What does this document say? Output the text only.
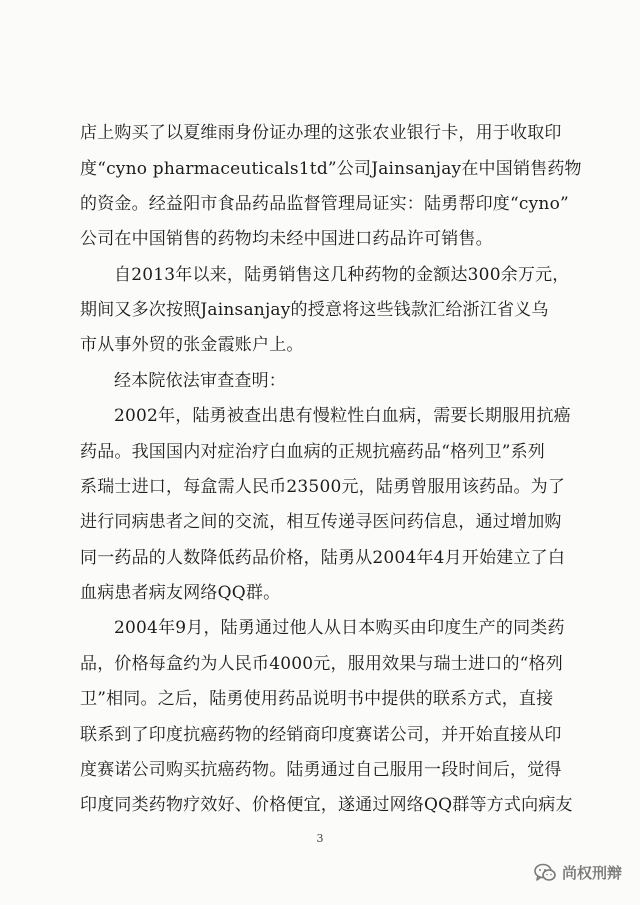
店上购买了以夏维雨身份证办理的这张农业银行卡，用于收取印
度“cyno pharmaceuticals1td”公司Jainsanjay在中国销售药物
的资金。经益阳市食品药品监督管理局证实：陆勇帮印度“cyno”
公司在中国销售的药物均未经中国进口药品许可销售。
自2013年以来，陆勇销售这几种药物的金额达300余万元，
期间又多次按照Jainsanjay的授意将这些钱款汇给浙江省义乌
市从事外贸的张金霞账户上。
经本院依法审查查明：
2002年，陆勇被查出患有慢粒性白血病，需要长期服用抗癌
药品。我国国内对症治疗白血病的正规抗癌药品“格列卫”系列
系瑞士进口，每盒需人民币23500元，陆勇曾服用该药品。为了
进行同病患者之间的交流，相互传递寻医问药信息，通过增加购
同一药品的人数降低药品价格，陆勇从2004年4月开始建立了白
血病患者病友网络QQ群。
2004年9月，陆勇通过他人从日本购买由印度生产的同类药
品，价格每盒约为人民币4000元，服用效果与瑞士进口的“格列
卫”相同。之后，陆勇使用药品说明书中提供的联系方式，直接
联系到了印度抗癌药物的经销商印度赛诺公司，并开始直接从印
度赛诺公司购买抗癌药物。陆勇通过自己服用一段时间后，觉得
印度同类药物疗效好、价格便宜，遂通过网络QQ群等方式向病友
3
尚权刑辩
